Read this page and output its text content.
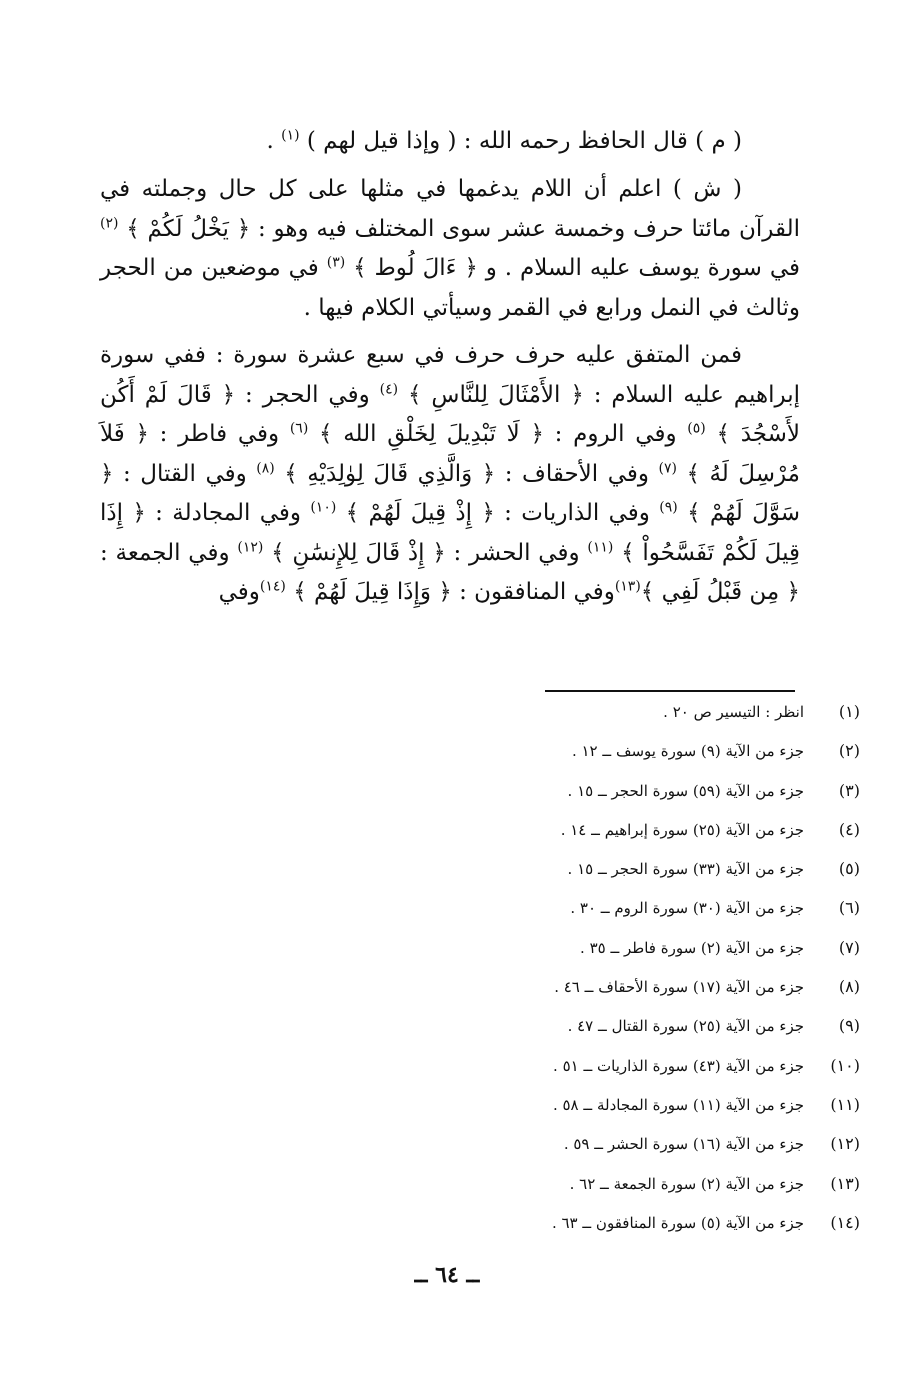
( م ) قال الحافظ رحمه الله : ( وإذا قيل لهم ) $^{(١)}$ .

( ش ) اعلم أن اللام يدغمها في مثلها على كل حال وجملته في القرآن مائتا حرف وخمسة عشر سوى المختلف فيه وهو : ﴿ يَخْلُ لَكُمْ ﴾ $^{(٢)}$ في سورة يوسف عليه السلام . و ﴿ ءَالَ لُوط ﴾ $^{(٣)}$ في موضعين من الحجر وثالث في النمل ورابع في القمر وسيأتي الكلام فيها .

فمن المتفق عليه حرف حرف في سبع عشرة سورة : ففي سورة إبراهيم عليه السلام : ﴿ الأَمْثَالَ لِلنَّاسِ ﴾ $^{(٤)}$ وفي الحجر : ﴿ قَالَ لَمْ أَكُن لأَسْجُدَ ﴾ $^{(٥)}$ وفي الروم : ﴿ لَا تَبْدِيلَ لِخَلْقِ الله ﴾ $^{(٦)}$ وفي فاطر : ﴿ فَلاَ مُرْسِلَ لَهُ ﴾ $^{(٧)}$ وفي الأحقاف : ﴿ وَالَّذِي قَالَ لِوٰلِدَيْهِ ﴾ $^{(٨)}$ وفي القتال : ﴿ سَوَّلَ لَهُمْ ﴾ $^{(٩)}$ وفي الذاريات : ﴿ إِذْ قِيلَ لَهُمْ ﴾ $^{(١٠)}$ وفي المجادلة : ﴿ إِذَا قِيلَ لَكُمْ تَفَسَّحُواْ ﴾ $^{(١١)}$ وفي الحشر : ﴿ إِذْ قَالَ لِلإِنسَٰنِ ﴾ $^{(١٢)}$ وفي الجمعة : ﴿ مِن قَبْلُ لَفِي ﴾$^{(١٣)}$وفي المنافقون : ﴿ وَإِذَا قِيلَ لَهُمْ ﴾ $^{(١٤)}$وفي

(١)
انظر : التيسير ص ٢٠ .
(٢)
جزء من الآية (٩) سورة يوسف ــ ١٢ .
(٣)
جزء من الآية (٥٩) سورة الحجر ــ ١٥ .
(٤)
جزء من الآية (٢٥) سورة إبراهيم ــ ١٤ .
(٥)
جزء من الآية (٣٣) سورة الحجر ــ ١٥ .
(٦)
جزء من الآية (٣٠) سورة الروم ــ ٣٠ .
(٧)
جزء من الآية (٢) سورة فاطر ــ ٣٥ .
(٨)
جزء من الآية (١٧) سورة الأحقاف ــ ٤٦ .
(٩)
جزء من الآية (٢٥) سورة القتال ــ ٤٧ .
(١٠)
جزء من الآية (٤٣) سورة الذاريات ــ ٥١ .
(١١)
جزء من الآية (١١) سورة المجادلة ــ ٥٨ .
(١٢)
جزء من الآية (١٦) سورة الحشر ــ ٥٩ .
(١٣)
جزء من الآية (٢) سورة الجمعة ــ ٦٢ .
(١٤)
جزء من الآية (٥) سورة المنافقون ــ ٦٣ .
ــ ٦٤ ــ
